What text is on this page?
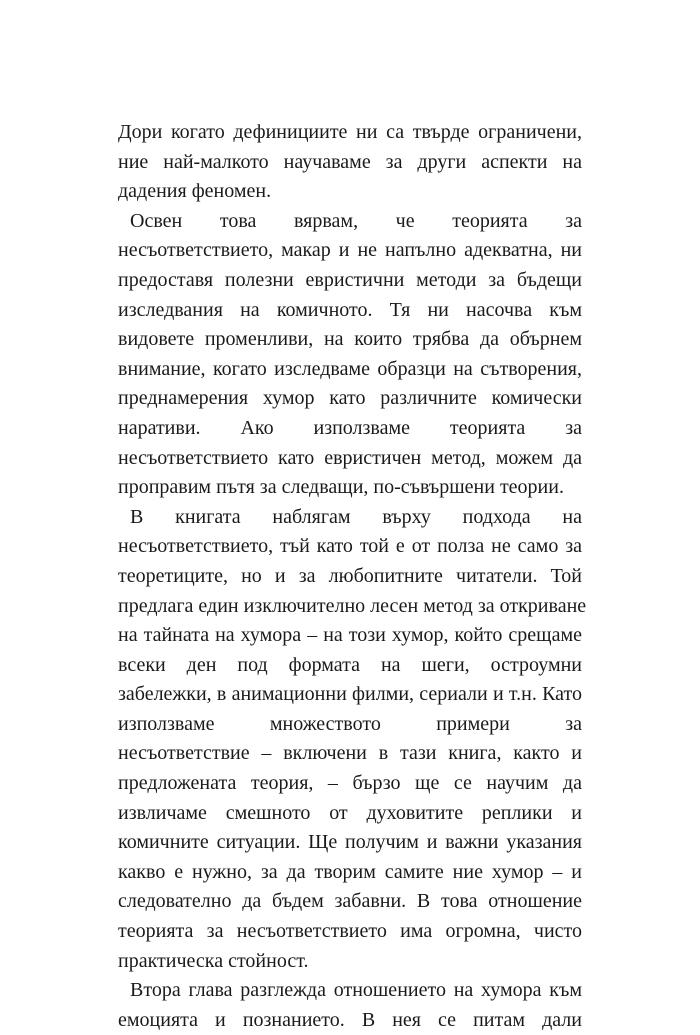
Дори когато дефинициите ни са твърде ограничени,
ние най-малкото научаваме за други аспекти на
дадения феномен.
Освен това вярвам, че теорията за
несъответствието, макар и не напълно адекватна, ни
предоставя полезни евристични методи за бъдещи
изследвания на комичното. Тя ни насочва към
видовете променливи, на които трябва да обърнем
внимание, когато изследваме образци на сътворения,
преднамерения хумор като различните комически
наративи. Ако използваме теорията за
несъответствието като евристичен метод, можем да
проправим пътя за следващи, по-съвършени теории.
В книгата наблягам върху подхода на
несъответствието, тъй като той е от полза не само за
теоретиците, но и за любопитните читатели. Той
предлага един изключително лесен метод за откриване
на тайната на хумора – на този хумор, който срещаме
всеки ден под формата на шеги, остроумни
забележки, в анимационни филми, сериали и т.н. Като
използваме множеството примери за
несъответствие – включени в тази книга, както и
предложената теория, – бързо ще се научим да
извличаме смешното от духовитите реплики и
комичните ситуации. Ще получим и важни указания
какво е нужно, за да творим самите ние хумор – и
следователно да бъдем забавни. В това отношение
теорията за несъответствието има огромна, чисто
практическа стойност.
Втора глава разглежда отношението на хумора към
емоцията и познанието. В нея се питам дали
